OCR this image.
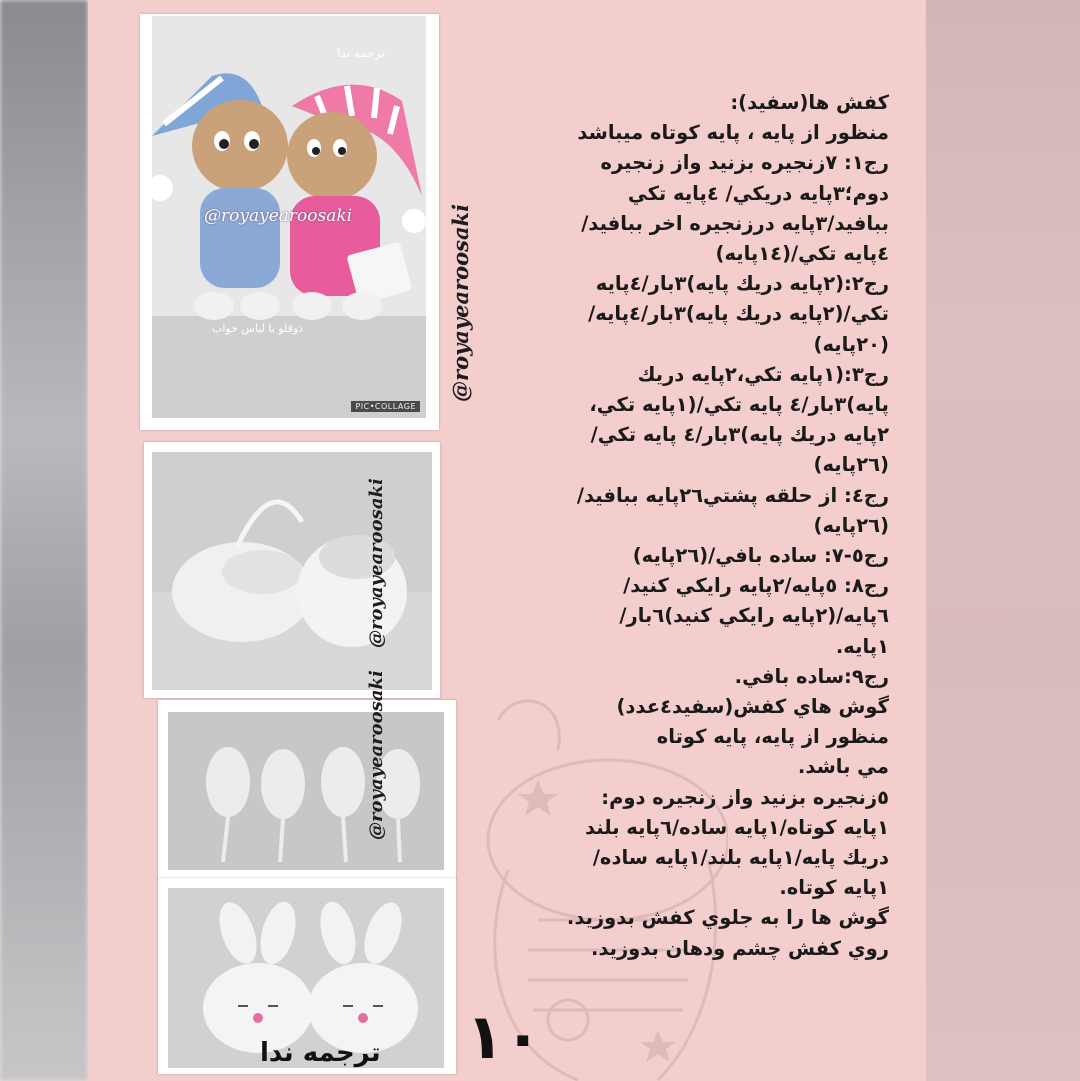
ترجمه ندا
دوقلو با لباس خواب
@royayearoosaki
PIC•COLLAGE
@royayearoosaki
@royayearoosaki
@royayearoosaki
كفش ها(سفيد):
منظور از پايه ، پايه كوتاه ميباشد
رج١: ٧زنجيره بزنيد واز زنجيره
دوم؛٣پايه دريكي/ ٤پايه تكي
ببافيد/٣پايه درزنجيره اخر ببافيد/
٤پايه تكي/(١٤پايه)
رج٢:(٢پايه دريك پايه)٣بار/٤پايه
تكي/(٢پايه دريك پايه)٣بار/٤پايه/
(٢٠پايه)
رج٣:(١پايه تكي،٢پايه دريك
پايه)٣بار/٤ پايه تكي/(١پايه تكي،
٢پايه دريك پايه)٣بار/٤ پايه تكي/
(٢٦پايه)
رج٤: از حلقه پشتي٢٦پايه ببافيد/
(٢٦پايه)
رج٥-٧: ساده بافي/(٢٦پايه)
رج٨: ٥پايه/٢پايه رايكي كنيد/
٦پايه/(٢پايه رايكي كنيد)٦بار/
١پايه.
رج٩:ساده بافي.
گوش هاي كفش(سفيد٤عدد)
منظور از پايه، پايه كوتاه
مي باشد.
٥زنجيره بزنيد واز زنجيره دوم:
١پايه كوتاه/١پايه ساده/٦پايه بلند
دريك پايه/١پايه بلند/١پايه ساده/
١پايه كوتاه.
گوش ها را به جلوي كفش بدوزيد.
روي كفش چشم ودهان بدوزيد.
١٠
ترجمه ندا
